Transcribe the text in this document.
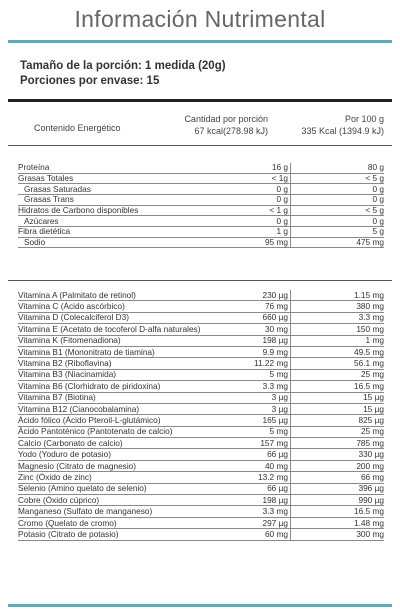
Información Nutrimental
Tamaño de la porción: 1 medida (20g)
Porciones por envase: 15
Contenido Energético
Cantidad por porción
67 kcal(278.98 kJ)
Por 100 g
335 Kcal (1394.9 kJ)
Proteína	16 g	80 g
Grasas Totales	< 1g	< 5 g
Grasas Saturadas	0 g	0 g
Grasas Trans	0 g	0 g
Hidratos de Carbono disponibles	< 1 g	< 5 g
Azúcares	0 g	0 g
Fibra dietética	1 g	5 g
Sodio	95 mg	475 mg
Vitamina A (Palmitato de retinol)	230 µg	1.15 mg
Vitamina C (Ácido ascórbico)	76 mg	380 mg
Vitamina D (Colecalciferol D3)	660 µg	3.3 mg
Vitamina E (Acetato de tocoferol D-alfa naturales)	30 mg	150 mg
Vitamina K (Fitomenadiona)	198 µg	1 mg
Vitamina B1 (Mononitrato de tiamina)	9.9 mg	49.5 mg
Vitamina B2 (Riboflavina)	11.22 mg	56.1 mg
Vitamina B3 (Niacinamida)	5 mg	25 mg
Vitamina B6 (Clorhidrato de piridoxina)	3.3 mg	16.5 mg
Vitamina B7 (Biotina)	3 µg	15 µg
Vitamina B12 (Cianocobalamina)	3 µg	15 µg
Ácido fólico (Ácido Pteroil-L-glutámico)	165 µg	825 µg
Ácido Pantoténico (Pantotenato de calcio)	5 mg	25 mg
Calcio (Carbonato de calcio)	157 mg	785 mg
Yodo (Yoduro de potasio)	66 µg	330 µg
Magnesio (Citrato de magnesio)	40 mg	200 mg
Zinc (Óxido de zinc)	13.2 mg	66 mg
Selenio (Amino quelato de selenio)	66 µg	396 µg
Cobre (Óxido cúprico)	198 µg	990 µg
Manganeso (Sulfato de manganeso)	3.3 mg	16.5 mg
Cromo (Quelato de cromo)	297 µg	1.48 mg
Potasio (Citrato de potasio)	60 mg	300 mg
